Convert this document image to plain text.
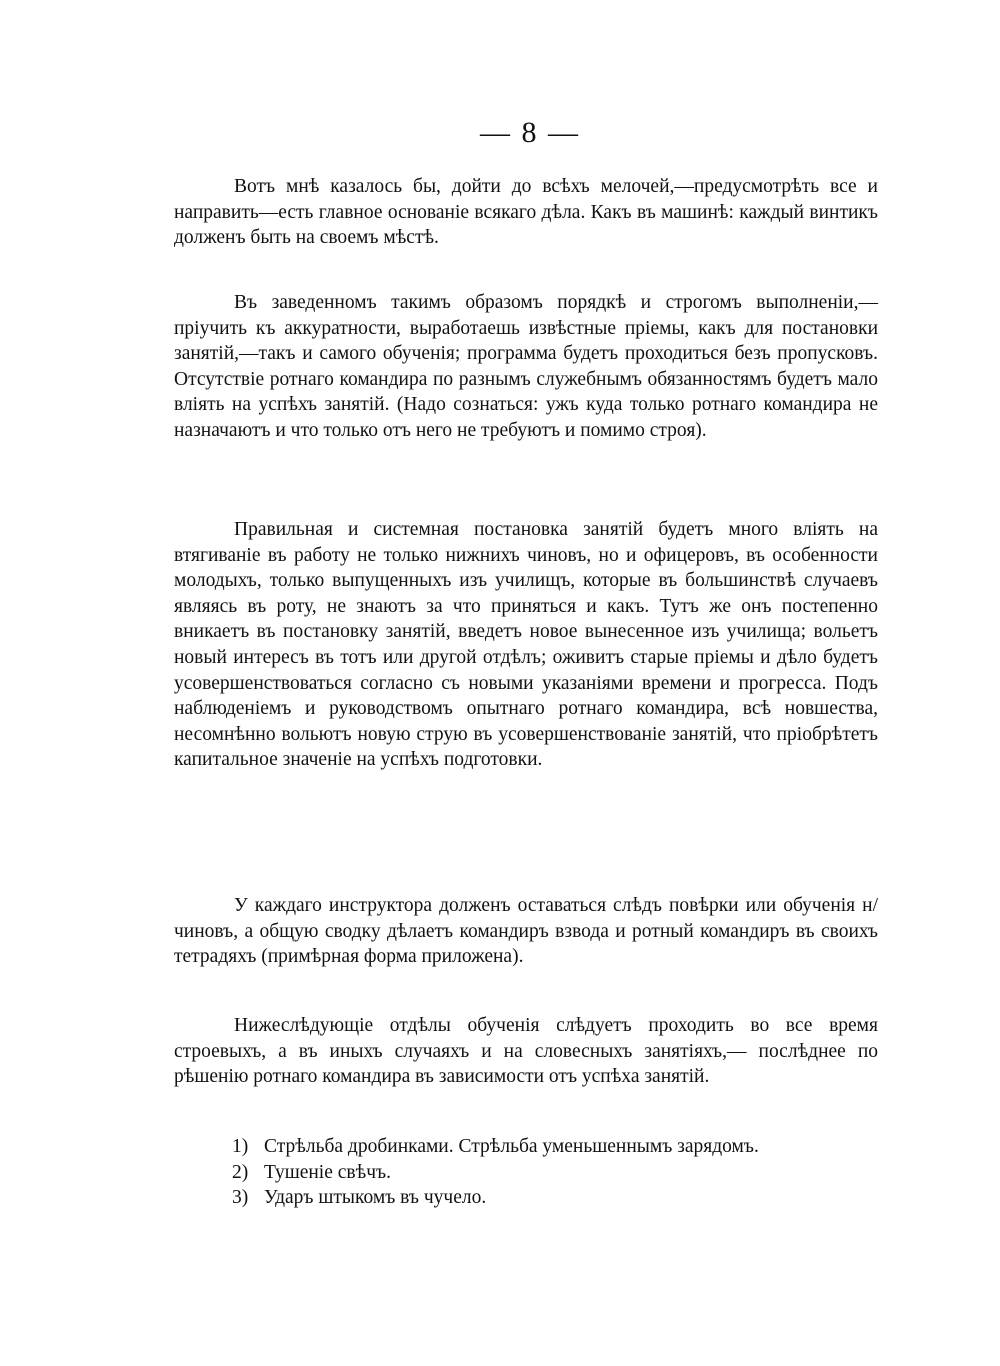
— 8 —

Вотъ мнѣ казалось бы, дойти до всѣхъ мелочей,—предусмотрѣть все и направить—есть главное основаніе всякаго дѣла. Какъ въ машинѣ: каждый винтикъ долженъ быть на своемъ мѣстѣ.

Въ заведенномъ такимъ образомъ порядкѣ и строгомъ выполненіи,—пріучить къ аккуратности, выработаешь извѣстные пріемы, какъ для постановки занятій,—такъ и самого обученія; программа будетъ проходиться безъ пропусковъ. Отсутствіе ротнаго командира по разнымъ служебнымъ обязанностямъ будетъ мало вліять на успѣхъ занятій. (Надо сознаться: ужъ куда только ротнаго командира не назначаютъ и что только отъ него не требуютъ и помимо строя).

Правильная и системная постановка занятій будетъ много вліять на втягиваніе въ работу не только нижнихъ чиновъ, но и офицеровъ, въ особенности молодыхъ, только выпущенныхъ изъ училищъ, которые въ большинствѣ случаевъ являясь въ роту, не знаютъ за что приняться и какъ. Тутъ же онъ постепенно вникаетъ въ постановку занятій, введетъ новое вынесенное изъ училища; вольетъ новый интересъ въ тотъ или другой отдѣлъ; оживитъ старые пріемы и дѣло будетъ усовершенствоваться согласно съ новыми указаніями времени и прогресса. Подъ наблюденіемъ и руководствомъ опытнаго ротнаго командира, всѣ новшества, несомнѣнно вольютъ новую струю въ усовершенствованіе занятій, что пріобрѣтетъ капитальное значеніе на успѣхъ подготовки.

У каждаго инструктора долженъ оставаться слѣдъ повѣрки или обученія н/чиновъ, а общую сводку дѣлаетъ командиръ взвода и ротный командиръ въ своихъ тетрадяхъ (примѣрная форма приложена).

Нижеслѣдующіе отдѣлы обученія слѣдуетъ проходить во все время строевыхъ, а въ иныхъ случаяхъ и на словесныхъ занятіяхъ,— послѣднее по рѣшенію ротнаго командира въ зависимости отъ успѣха занятій.

1) Стрѣльба дробинками. Стрѣльба уменьшеннымъ зарядомъ.
2) Тушеніе свѣчъ.
3) Ударъ штыкомъ въ чучело.
